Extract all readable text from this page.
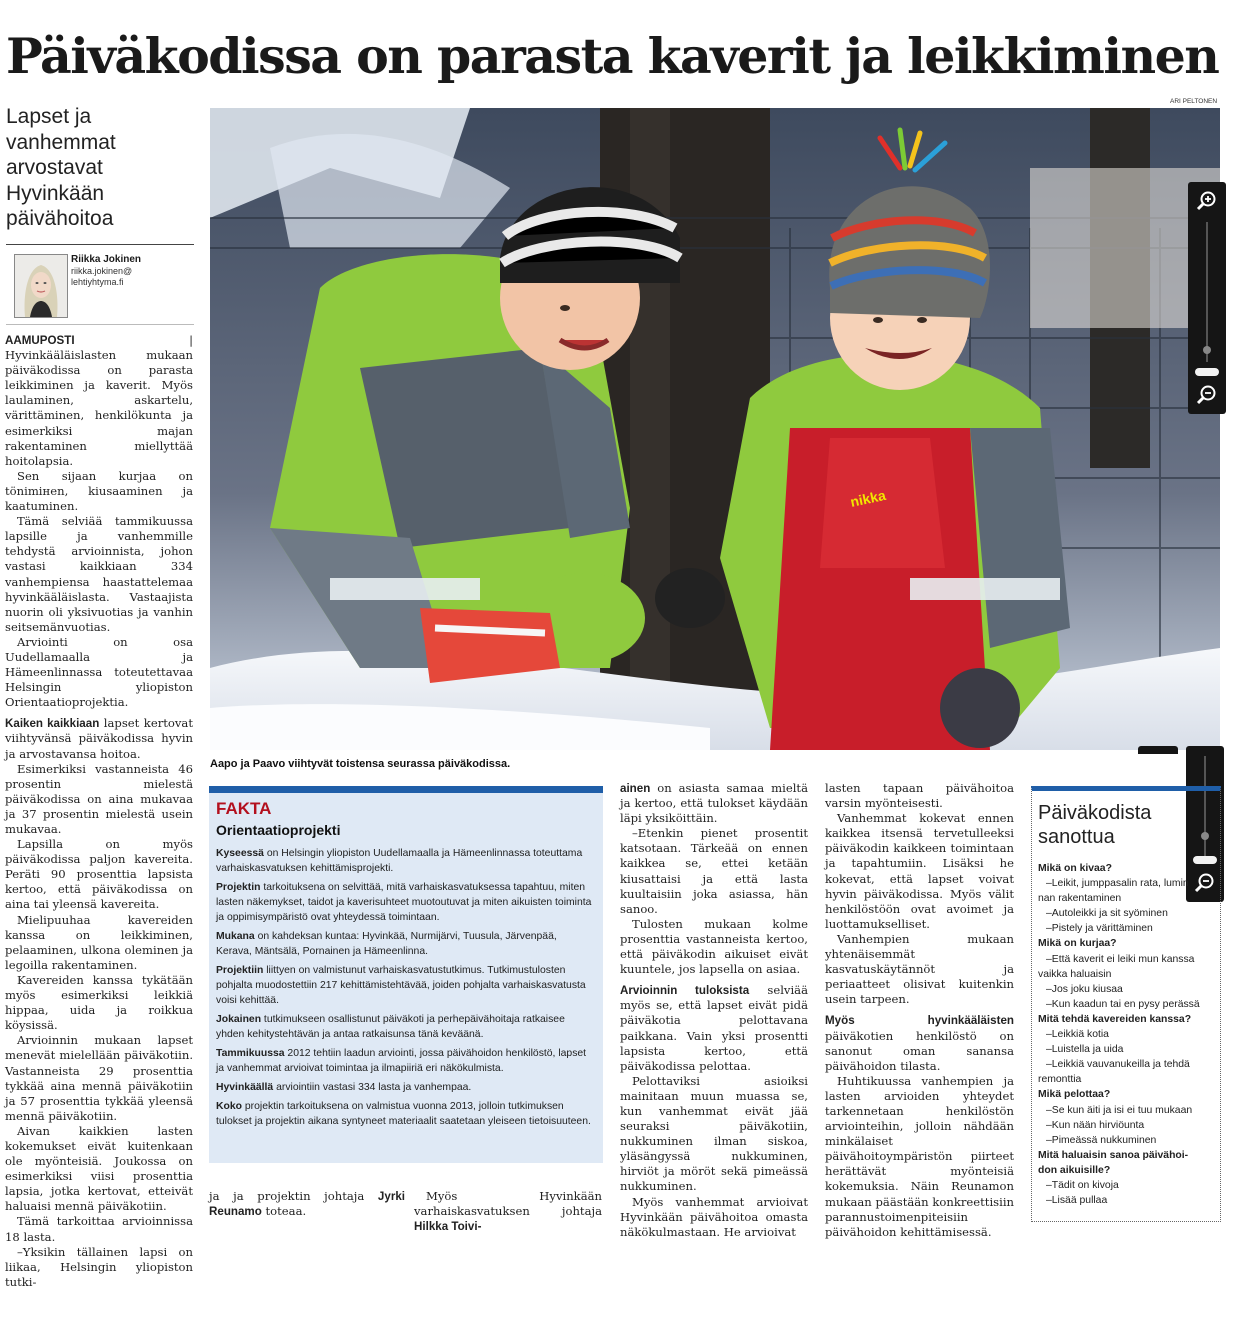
Päiväkodissa on parasta kaverit ja leikkiminen
Lapset ja
vanhemmat
arvostavat
Hyvinkään
päivähoitoa
Riikka Jokinen
riikka.jokinen@
lehtiyhtyma.fi

AAMUPOSTI | Hyvinkääläislasten mukaan päiväkodissa on parasta leikkiminen ja kaverit. Myös laulaminen, askartelu, värittäminen, henkilökunta ja esimerkiksi majan rakentaminen miellyttää hoitolapsia.

Sen sijaan kurjaa on tönimінen, kiusaaminen ja kaatuminen.

Tämä selviää tammikuussa lapsille ja vanhemmille tehdystä arvioinnista, johon vastasi kaikkiaan 334 vanhempiensa haastattelemaa hyvinkääläislasta. Vastaajista nuorin oli yksivuotias ja vanhin seitsemänvuotias.

Arviointi on osa Uudellamaalla ja Hämeenlinnassa toteutettavaa Helsingin yliopiston Orientaatioprojektia.

Kaiken kaikkiaan lapset kertovat viihtyvänsä päiväkodissa hyvin ja arvostavansa hoitoa.

Esimerkiksi vastanneista 46 prosentin mielestä päiväkodissa on aina mukavaa ja 37 prosentin mielestä usein mukavaa.

Lapsilla on myös päiväkodissa paljon kavereita. Peräti 90 prosenttia lapsista kertoo, että päiväkodissa on aina tai yleensä kavereita.

Mielipuuhaa kavereiden kanssa on leikkiminen, pelaaminen, ulkona oleminen ja legoilla rakentaminen.

Kavereiden kanssa tykätään myös esimerkiksi leikkiä hippaa, uida ja roikkua köysissä.

Arvioinnin mukaan lapset menevät mielellään päiväkotiin. Vastanneista 29 prosenttia tykkää aina mennä päiväkotiin ja 57 prosenttia tykkää yleensä mennä päiväkotiin.

Aivan kaikkien lasten kokemukset eivät kuitenkaan ole myönteisiä. Joukossa on esimerkiksi viisi prosenttia lapsia, jotka kertovat, etteivät haluaisi mennä päiväkotiin.

Tämä tarkoittaa arvioinnissa 18 lasta.

–Yksikin tällainen lapsi on liikaa, Helsingin yliopiston tutki-

ARI PELTONEN
nikka
Aapo ja Paavo viihtyvät toistensa seurassa päiväkodissa.
FAKTA
Orientaatioprojekti

Kyseessä on Helsingin yliopiston Uudellamaalla ja Hämeenlinnassa toteuttama varhaiskasvatuksen kehittämisprojekti.

Projektin tarkoituksena on selvittää, mitä varhaiskasvatuksessa tapahtuu, miten lasten näkemykset, taidot ja kaverisuhteet muotoutuvat ja miten aikuisten toiminta ja oppimisympäristö ovat yhteydessä toimintaan.

Mukana on kahdeksan kuntaa: Hyvinkää, Nurmijärvi, Tuusula, Järvenpää, Kerava, Mäntsälä, Pornainen ja Hämeenlinna.

Projektiin liittyen on valmistunut varhaiskasvatustutkimus. Tutkimustulosten pohjalta muodostettiin 217 kehittämistehtävää, joiden pohjalta varhaiskasvatusta voisi kehittää.

Jokainen tutkimukseen osallistunut päiväkoti ja perhepäivähoitaja ratkaisee yhden kehitystehtävän ja antaa ratkaisunsa tänä keväänä.

Tammikuussa 2012 tehtiin laadun arviointi, jossa päivähoidon henkilöstö, lapset ja vanhemmat arvioivat toimintaa ja ilmapiiriä eri näkökulmista.

Hyvinkäällä arviointiin vastasi 334 lasta ja vanhempaa.

Koko projektin tarkoituksena on valmistua vuonna 2013, jolloin tutkimuksen tulokset ja projektin aikana syntyneet materiaalit saatetaan yleiseen tietoisuuteen.

ja ja projektin johtaja Jyrki Reunamo toteaa.

Myös Hyvinkään varhaiskasvatuksen johtaja Hilkka Toivi-

ainen on asiasta samaa mieltä ja kertoo, että tulokset käydään läpi yksiköittäin.

–Etenkin pienet prosentit katsotaan. Tärkeää on ennen kaikkea se, ettei ketään kiusattaisi ja että lasta kuultaisiin joka asiassa, hän sanoo.

Tulosten mukaan kolme prosenttia vastanneista kertoo, että päiväkodin aikuiset eivät kuuntele, jos lapsella on asiaa.

Arvioinnin tuloksista selviää myös se, että lapset eivät pidä päiväkotia pelottavana paikkana. Vain yksi prosentti lapsista kertoo, että päiväkodissa pelottaa.

Pelottaviksi asioiksi mainitaan muun muassa se, kun vanhemmat eivät jää seuraksi päiväkotiin, nukkuminen ilman siskoa, yläsängyssä nukkuminen, hirviöt ja möröt sekä pimeässä nukkuminen.

Myös vanhemmat arvioivat Hyvinkään päivähoitoa omasta näkökulmastaan. He arvioivat

lasten tapaan päivähoitoa varsin myönteisesti.

Vanhemmat kokevat ennen kaikkea itsensä tervetulleeksi päiväkodin kaikkeen toimintaan ja tapahtumiin. Lisäksi he kokevat, että lapset voivat hyvin päiväkodissa. Myös välit henkilöstöön ovat avoimet ja luottamukselliset.

Vanhempien mukaan yhtenäisemmät kasvatuskäytännöt ja periaatteet olisivat kuitenkin usein tarpeen.

Myös hyvinkääläisten päiväkotien henkilöstö on sanonut oman sanansa päivähoidon tilasta.

Huhtikuussa vanhempien ja lasten arvioiden yhteydet tarkennetaan henkilöstön arviointeihin, jolloin nähdään minkälaiset päivähoitoympäristön piirteet herättävät myönteisiä kokemuksia. Näin Reunamon mukaan päästään konkreettisiin parannustoimenpiteisiin päivähoidon kehittämisessä.

Päiväkodista
sanottua
Mikä on kivaa?
–Leikit, jumppasalin rata, lumin
nan rakentaminen
–Autoleikki ja sit syöminen
–Pistely ja värittäminen
Mikä on kurjaa?
–Että kaverit ei leiki mun kanssa
vaikka haluaisin
–Jos joku kiusaa
–Kun kaadun tai en pysy perässä
Mitä tehdä kavereiden kanssa?
–Leikkiä kotia
–Luistella ja uida
–Leikkiä vauvanukeilla ja tehdä
remonttia
Mikä pelottaa?
–Se kun äiti ja isi ei tuu mukaan
–Kun nään hirviöunta
–Pimeässä nukkuminen
Mitä haluaisin sanoa päivähoi-
don aikuisille?
–Tädit on kivoja
–Lisää pullaa
